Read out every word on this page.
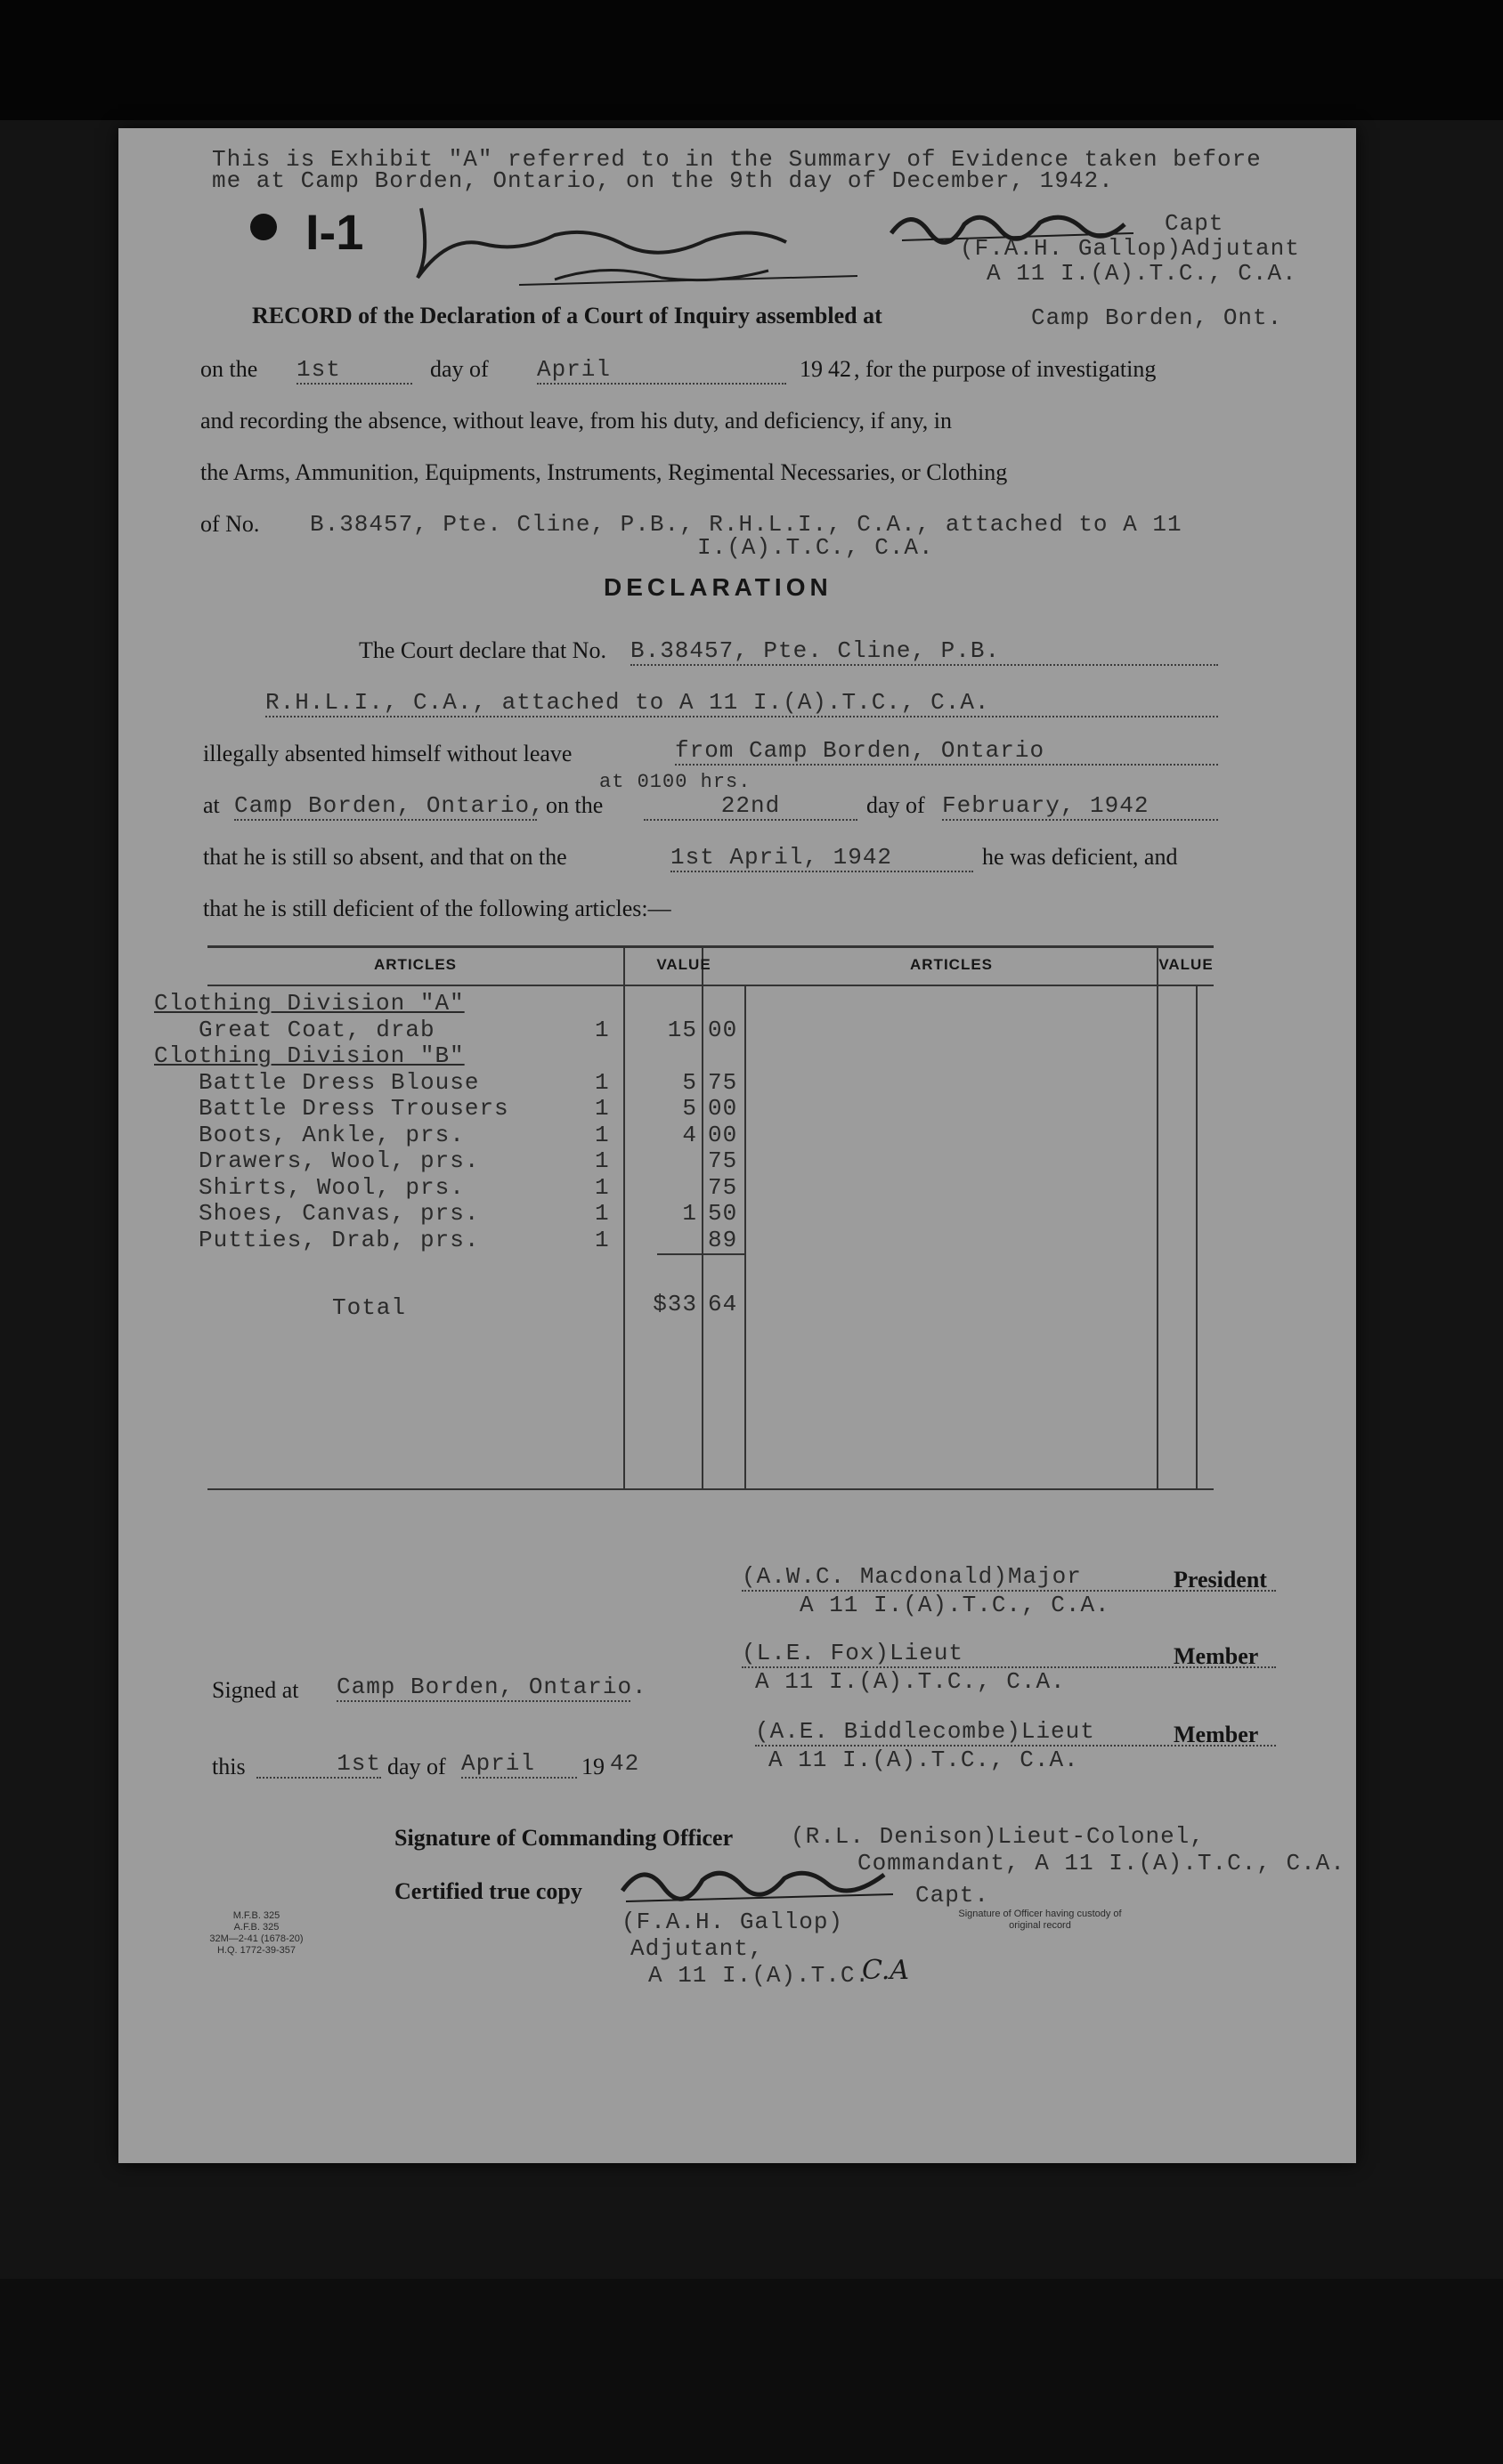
This is Exhibit "A" referred to in the Summary of Evidence taken before
me at Camp Borden, Ontario, on the 9th day of December, 1942.
Capt
(F.A.H. Gallop)Adjutant
A 11 I.(A).T.C., C.A.
I-1
RECORD of the Declaration of a Court of Inquiry assembled at	Camp Borden, Ont.
on the 1st	day of April	19 42 , for the purpose of investigating
and recording the absence, without leave, from his duty, and deficiency, if any, in
the Arms, Ammunition, Equipments, Instruments, Regimental Necessaries, or Clothing
of No. B.38457, Pte. Cline, P.B., R.H.L.I., C.A., attached to A 11
I.(A).T.C., C.A.
DECLARATION
The Court declare that No. B.38457, Pte. Cline, P.B.
R.H.L.I., C.A., attached to A 11 I.(A).T.C., C.A.
illegally absented himself without leave	from Camp Borden, Ontario
at Camp Borden, Ontario,
at 0100 hrs.
on the	22nd	day of February, 1942
that he is still so absent, and that on the	1st April, 1942	he was deficient, and
that he is still deficient of the following articles:—
ARTICLES	VALUE	ARTICLES	VALUE
Clothing Division "A"
Great Coat, drab	1	15 00
Clothing Division "B"
Battle Dress Blouse	1	5 75
Battle Dress Trousers	1	5 00
Boots, Ankle, prs.	1	4 00
Drawers, Wool, prs.	1	75
Shirts, Wool, prs.	1	75
Shoes, Canvas, prs.	1	1 50
Putties, Drab, prs.	1	89
Total	$33 64
(A.W.C. Macdonald)Major	President
A 11 I.(A).T.C., C.A.
(L.E. Fox)Lieut	Member
A 11 I.(A).T.C., C.A.
Signed at Camp Borden, Ontario.
(A.E. Biddlecombe)Lieut	Member
A 11 I.(A).T.C., C.A.
this	1st day of April	19 42
Signature of Commanding Officer (R.L. Denison)Lieut-Colonel,
Commandant, A 11 I.(A).T.C., C.A.
Certified true copy	Capt.
Signature of Officer having custody of
original record
(F.A.H. Gallop)
Adjutant,
A 11 I.(A).T.C.
C.A
M.F.B. 325
A.F.B. 325
32M—2-41 (1678-20)
H.Q. 1772-39-357
